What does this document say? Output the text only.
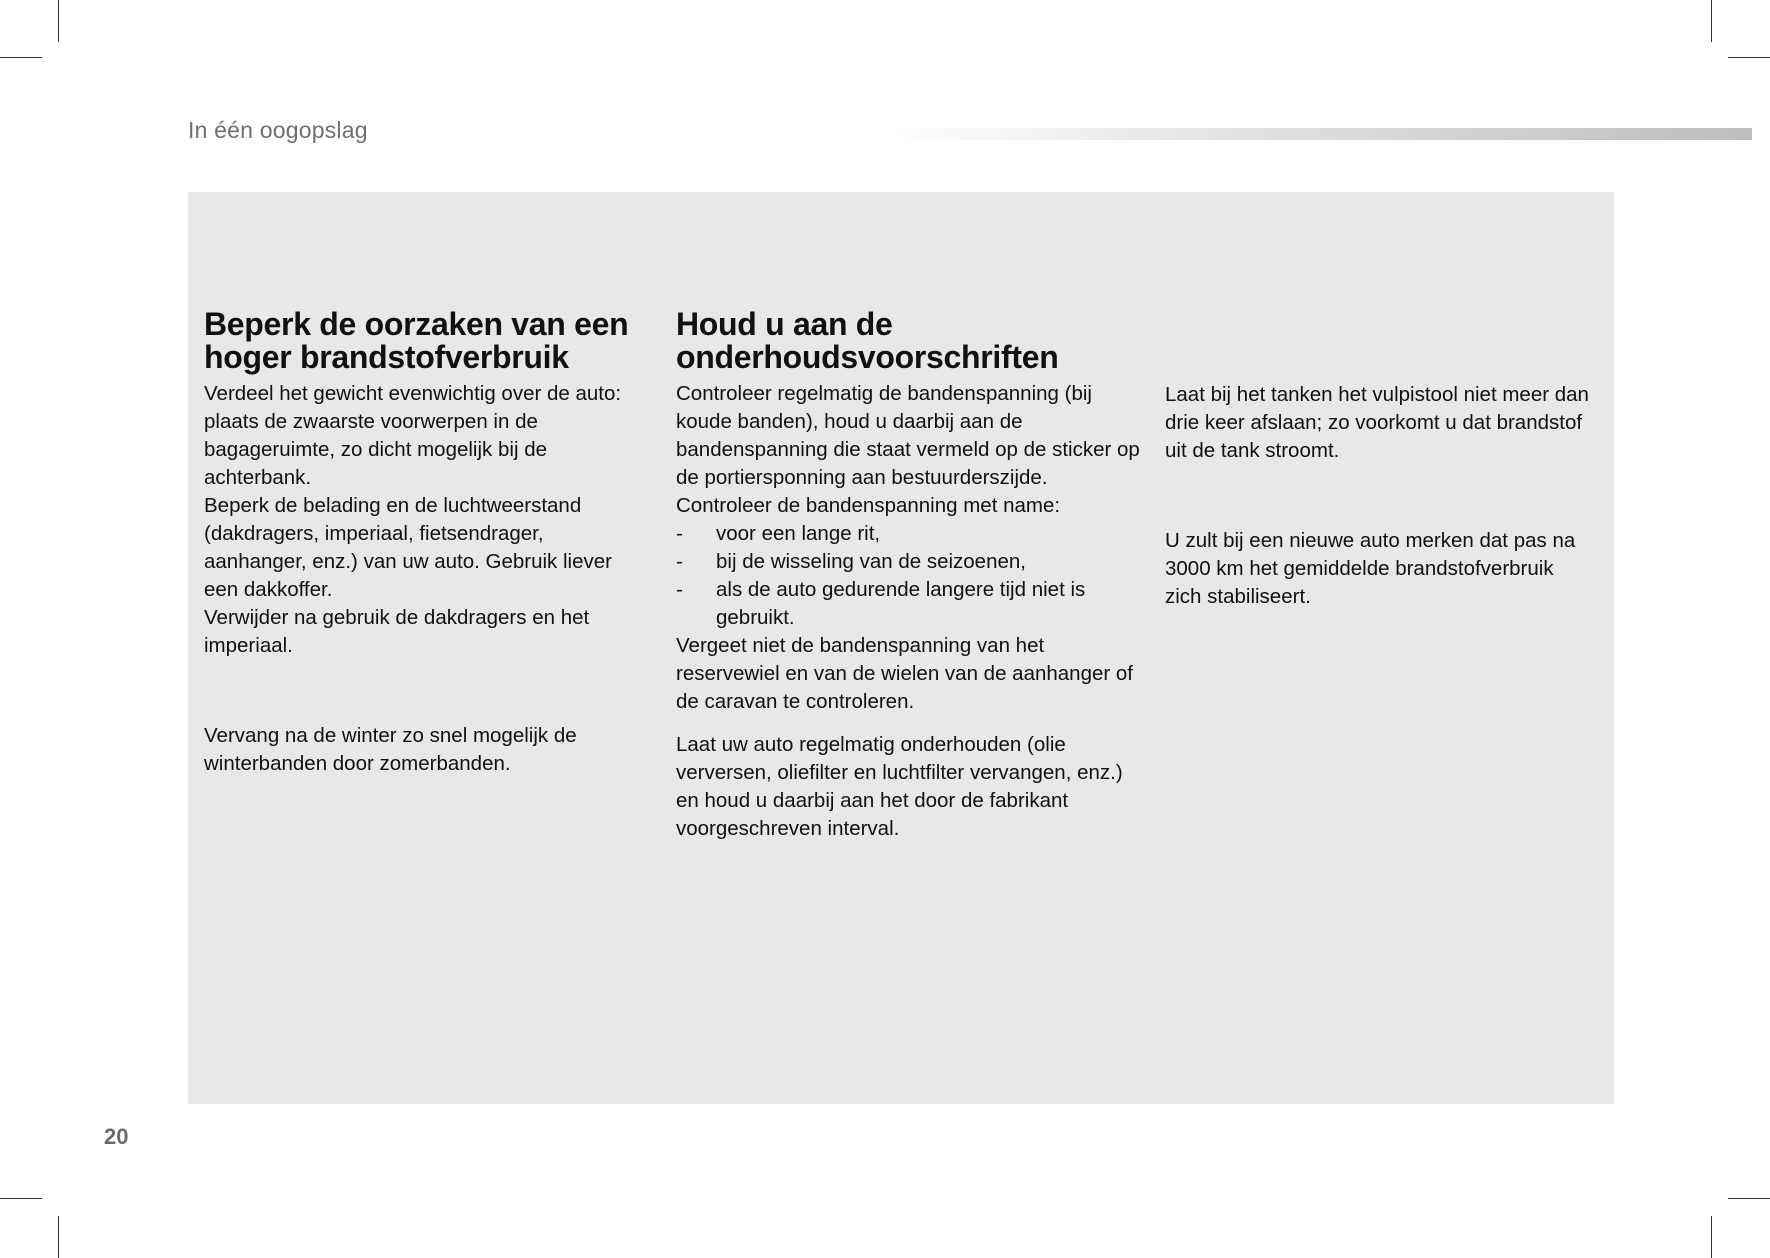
In één oogopslag
Beperk de oorzaken van een
hoger brandstofverbruik

Verdeel het gewicht evenwichtig over de auto: plaats de zwaarste voorwerpen in de bagageruimte, zo dicht mogelijk bij de achterbank.

Beperk de belading en de luchtweerstand (dakdragers, imperiaal, fietsendrager, aanhanger, enz.) van uw auto. Gebruik liever een dakkoffer.

Verwijder na gebruik de dakdragers en het imperiaal.

Vervang na de winter zo snel mogelijk de winterbanden door zomerbanden.

Houd u aan de
onderhoudsvoorschriften

Controleer regelmatig de bandenspanning (bij koude banden), houd u daarbij aan de bandenspanning die staat vermeld op de sticker op de portiersponning aan bestuurderszijde.

Controleer de bandenspanning met name:

- voor een lange rit,
- bij de wisseling van de seizoenen,
- als de auto gedurende langere tijd niet is gebruikt.

Vergeet niet de bandenspanning van het reservewiel en van de wielen van de aanhanger of de caravan te controleren.

Laat uw auto regelmatig onderhouden (olie verversen, oliefilter en luchtfilter vervangen, enz.) en houd u daarbij aan het door de fabrikant voorgeschreven interval.

Laat bij het tanken het vulpistool niet meer dan drie keer afslaan; zo voorkomt u dat brandstof uit de tank stroomt.

U zult bij een nieuwe auto merken dat pas na 3000 km het gemiddelde brandstofverbruik zich stabiliseert.

20
